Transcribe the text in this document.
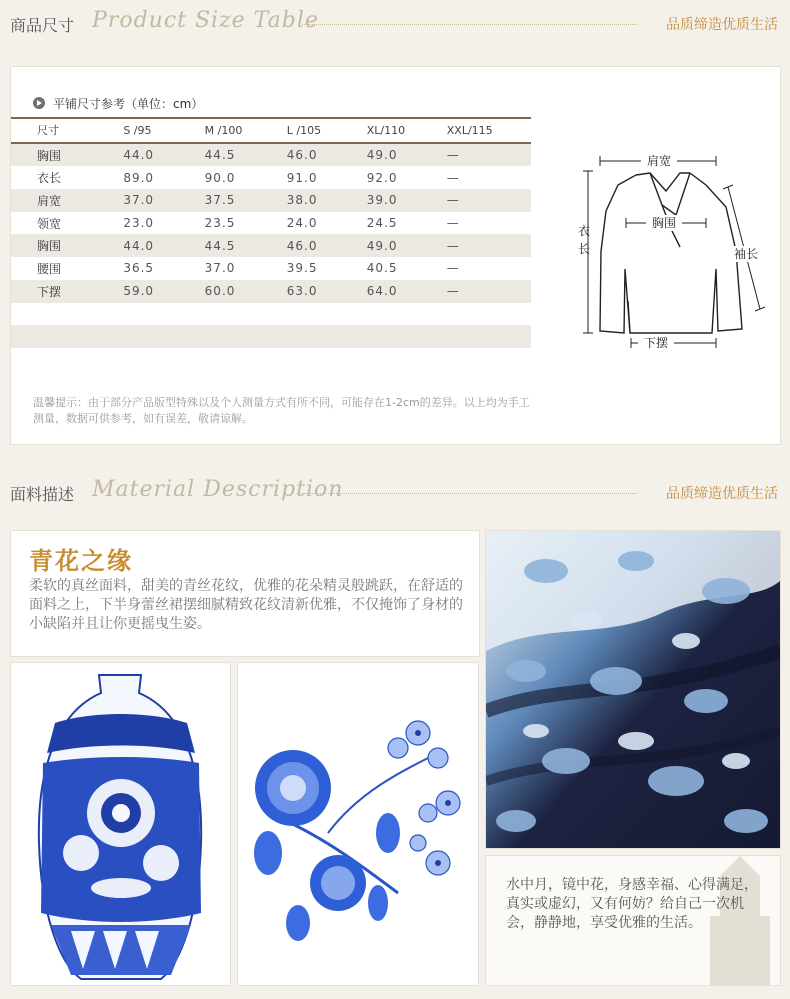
商品尺寸 Product Size Table	品质缔造优质生活
平铺尺寸参考（单位：cm）
尺寸	S /95	M /100	L /105	XL/110	XXL/115
胸围	44.0	44.5	46.0	49.0	—
衣长	89.0	90.0	91.0	92.0	—
肩宽	37.0	37.5	38.0	39.0	—
领宽	23.0	23.5	24.0	24.5	—
胸围	44.0	44.5	46.0	49.0	—
腰围	36.5	37.0	39.5	40.5	—
下摆	59.0	60.0	63.0	64.0	—

肩宽
胸围
下摆
衣
长	袖长
温馨提示：由于部分产品版型特殊以及个人测量方式有所不同，可能存在1-2cm的差异。以上均为手工测量，数据可供参考，如有误差，敬请谅解。
面料描述 Material Description	品质缔造优质生活
青花之缘
柔软的真丝面料，甜美的青丝花纹，优雅的花朵精灵般跳跃，在舒适的面料之上，下半身蕾丝裙摆细腻精致花纹清新优雅，不仅掩饰了身材的小缺陷并且让你更摇曳生姿。
水中月，镜中花，身感幸福、心得满足，真实或虚幻，又有何妨？给自己一次机会，静静地，享受优雅的生活。
